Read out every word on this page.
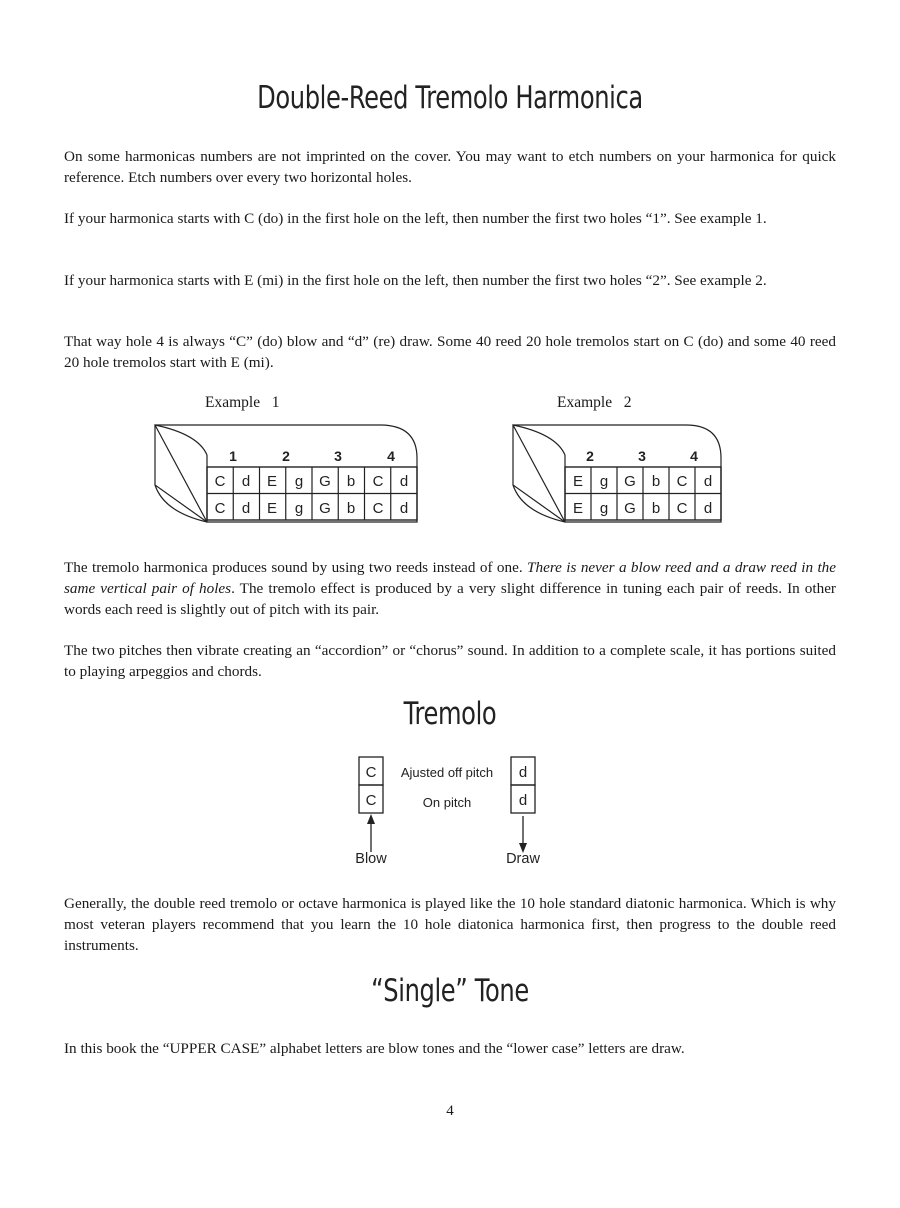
Double-Reed Tremolo Harmonica

On some harmonicas numbers are not imprinted on the cover. You may want to etch numbers on your harmonica for quick reference. Etch numbers over every two horizontal holes.

If your harmonica starts with C (do) in the first hole on the left, then number the first two holes “1”. See example 1.

If your harmonica starts with E (mi) in the first hole on the left, then number the first two holes “2”. See example 2.

That way hole 4 is always “C” (do) blow and “d” (re) draw. Some 40 reed 20 hole tremolos start on C (do) and some 40 reed 20 hole tremolos start with E (mi).

Example   1
1	2	3	4
C d E g G b C d
C d E g G b C d
Example   2
2	3	4
E g G b C d
E g G b C d

The tremolo harmonica produces sound by using two reeds instead of one. There is never a blow reed and a draw reed in the same vertical pair of holes. The tremolo effect is produced by a very slight difference in tuning each pair of reeds. In other words each reed is slightly out of pitch with its pair.

The two pitches then vibrate creating an “accordion” or “chorus” sound. In addition to a complete scale, it has portions suited to playing arpeggios and chords.

Tremolo
C
C
d
d
Ajusted off pitch
On pitch
Blow	Draw

Generally, the double reed tremolo or octave harmonica is played like the 10 hole standard diatonic harmonica. Which is why most veteran players recommend that you learn the 10 hole diatonica harmonica first, then progress to the double reed instruments.

“Single” Tone

In this book the “UPPER CASE” alphabet letters are blow tones and the “lower case” letters are draw.

4
